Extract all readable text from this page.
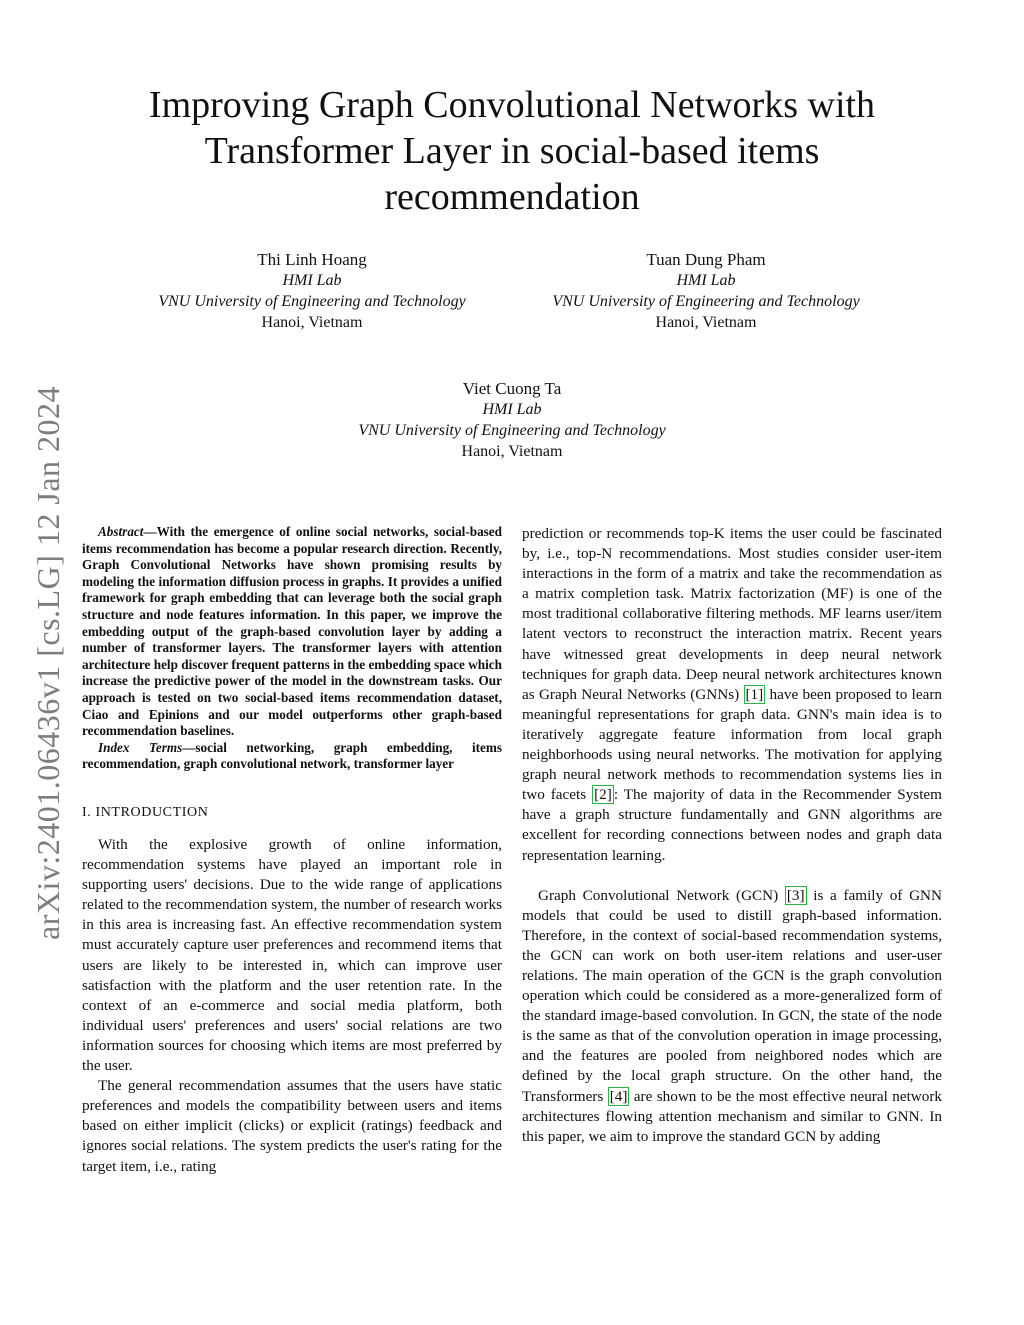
arXiv:2401.06436v1 [cs.LG] 12 Jan 2024
Improving Graph Convolutional Networks with Transformer Layer in social-based items recommendation
Thi Linh Hoang
HMI Lab
VNU University of Engineering and Technology
Hanoi, Vietnam
Tuan Dung Pham
HMI Lab
VNU University of Engineering and Technology
Hanoi, Vietnam
Viet Cuong Ta
HMI Lab
VNU University of Engineering and Technology
Hanoi, Vietnam

Abstract—With the emergence of online social networks, social-based items recommendation has become a popular research direction. Recently, Graph Convolutional Networks have shown promising results by modeling the information diffusion process in graphs. It provides a unified framework for graph embedding that can leverage both the social graph structure and node features information. In this paper, we improve the embedding output of the graph-based convolution layer by adding a number of transformer layers. The transformer layers with attention architecture help discover frequent patterns in the embedding space which increase the predictive power of the model in the downstream tasks. Our approach is tested on two social-based items recommendation dataset, Ciao and Epinions and our model outperforms other graph-based recommendation baselines.

Index Terms—social networking, graph embedding, items recommendation, graph convolutional network, transformer layer

I. INTRODUCTION

With the explosive growth of online information, recommendation systems have played an important role in supporting users' decisions. Due to the wide range of applications related to the recommendation system, the number of research works in this area is increasing fast. An effective recommendation system must accurately capture user preferences and recommend items that users are likely to be interested in, which can improve user satisfaction with the platform and the user retention rate. In the context of an e-commerce and social media platform, both individual users' preferences and users' social relations are two information sources for choosing which items are most preferred by the user.

The general recommendation assumes that the users have static preferences and models the compatibility between users and items based on either implicit (clicks) or explicit (ratings) feedback and ignores social relations. The system predicts the user's rating for the target item, i.e., rating

prediction or recommends top-K items the user could be fascinated by, i.e., top-N recommendations. Most studies consider user-item interactions in the form of a matrix and take the recommendation as a matrix completion task. Matrix factorization (MF) is one of the most traditional collaborative filtering methods. MF learns user/item latent vectors to reconstruct the interaction matrix. Recent years have witnessed great developments in deep neural network techniques for graph data. Deep neural network architectures known as Graph Neural Networks (GNNs) [1] have been proposed to learn meaningful representations for graph data. GNN's main idea is to iteratively aggregate feature information from local graph neighborhoods using neural networks. The motivation for applying graph neural network methods to recommendation systems lies in two facets [2] : The majority of data in the Recommender System have a graph structure fundamentally and GNN algorithms are excellent for recording connections between nodes and graph data representation learning.

Graph Convolutional Network (GCN) [3] is a family of GNN models that could be used to distill graph-based information. Therefore, in the context of social-based recommendation systems, the GCN can work on both user-item relations and user-user relations. The main operation of the GCN is the graph convolution operation which could be considered as a more-generalized form of the standard image-based convolution. In GCN, the state of the node is the same as that of the convolution operation in image processing, and the features are pooled from neighbored nodes which are defined by the local graph structure. On the other hand, the Transformers [4] are shown to be the most effective neural network architectures flowing attention mechanism and similar to GNN. In this paper, we aim to improve the standard GCN by adding
